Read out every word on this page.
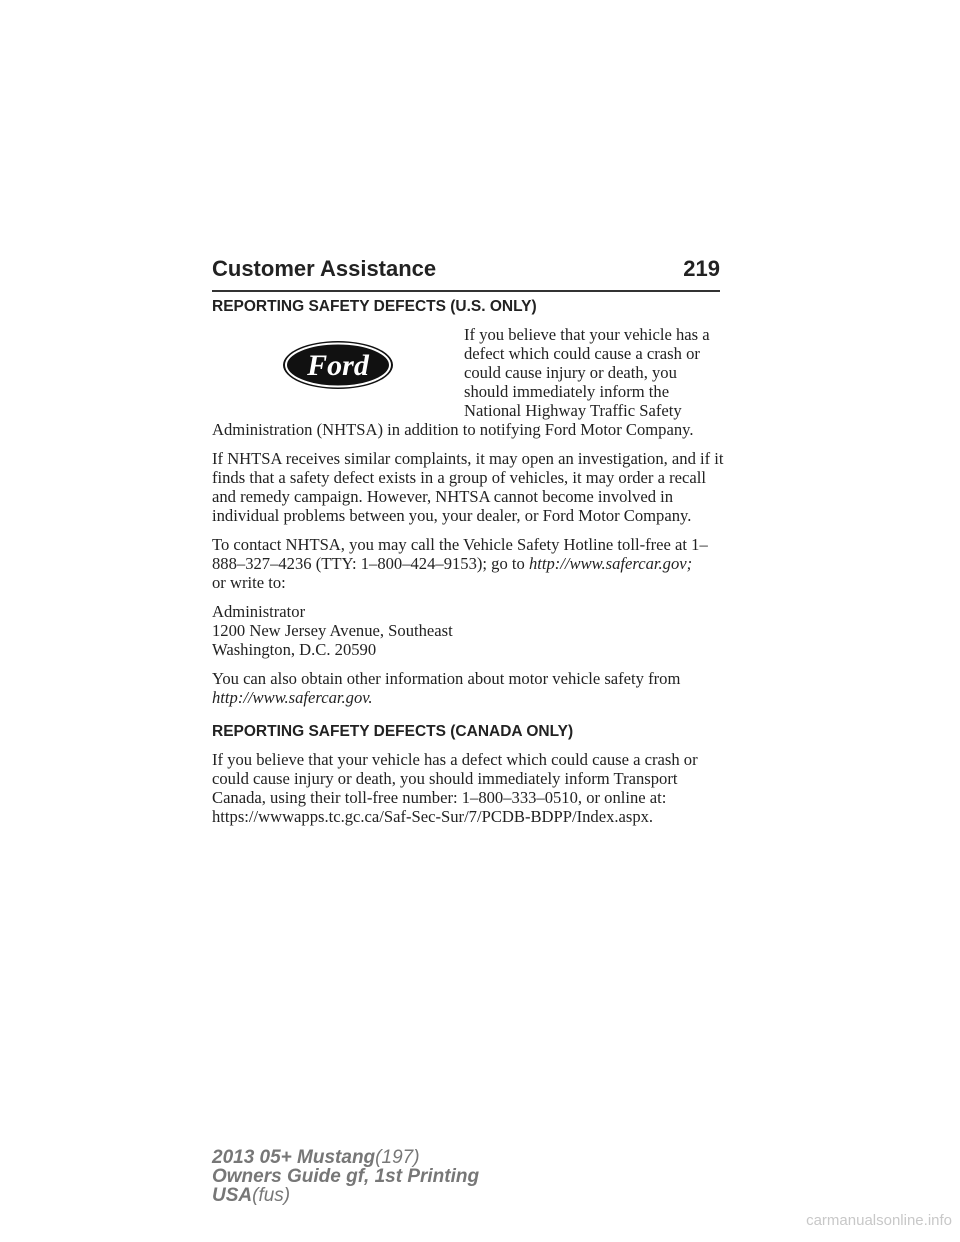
Customer Assistance	219
REPORTING SAFETY DEFECTS (U.S. ONLY)
Ford

If you believe that your vehicle has a defect which could cause a crash or could cause injury or death, you should immediately inform the National Highway Traffic Safety Administration (NHTSA) in addition to notifying Ford Motor Company.

If NHTSA receives similar complaints, it may open an investigation, and if it finds that a safety defect exists in a group of vehicles, it may order a recall and remedy campaign. However, NHTSA cannot become involved in individual problems between you, your dealer, or Ford Motor Company.

To contact NHTSA, you may call the Vehicle Safety Hotline toll-free at 1–888–327–4236 (TTY: 1–800–424–9153); go to http://www.safercar.gov;
or write to:

Administrator
1200 New Jersey Avenue, Southeast
Washington, D.C. 20590

You can also obtain other information about motor vehicle safety from
http://www.safercar.gov.

REPORTING SAFETY DEFECTS (CANADA ONLY)

If you believe that your vehicle has a defect which could cause a crash or could cause injury or death, you should immediately inform Transport Canada, using their toll-free number: 1–800–333–0510, or online at: https://wwwapps.tc.gc.ca/Saf-Sec-Sur/7/PCDB-BDPP/Index.aspx.

2013 05+ Mustang(197)
Owners Guide gf, 1st Printing
USA(fus)
carmanualsonline.info
